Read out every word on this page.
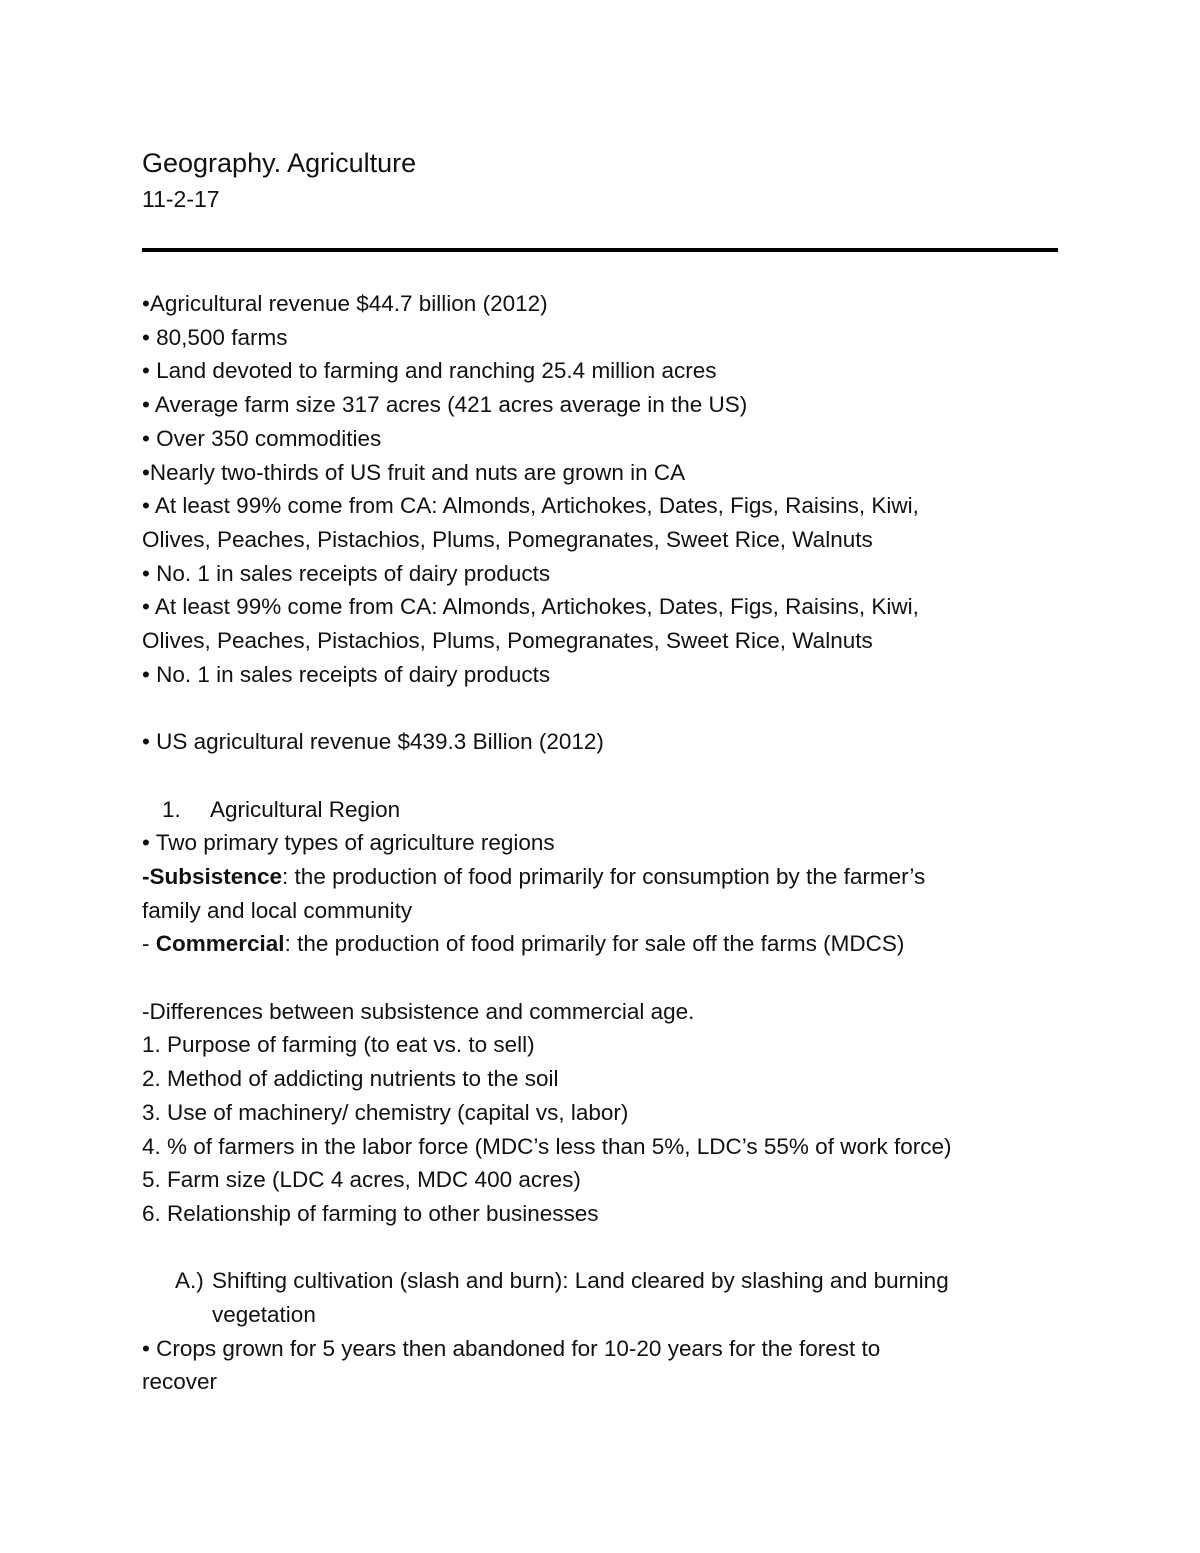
Geography. Agriculture
11-2-17

•Agricultural revenue $44.7 billion (2012)

• 80,500 farms

• Land devoted to farming and ranching 25.4 million acres

• Average farm size 317 acres (421 acres average in the US)

• Over 350 commodities

•Nearly two-thirds of US fruit and nuts are grown in CA

• At least 99% come from CA: Almonds, Artichokes, Dates, Figs, Raisins, Kiwi,

Olives, Peaches, Pistachios, Plums, Pomegranates, Sweet Rice, Walnuts

• No. 1 in sales receipts of dairy products

• At least 99% come from CA: Almonds, Artichokes, Dates, Figs, Raisins, Kiwi,

Olives, Peaches, Pistachios, Plums, Pomegranates, Sweet Rice, Walnuts

• No. 1 in sales receipts of dairy products

• US agricultural revenue $439.3 Billion (2012)

1. Agricultural Region

• Two primary types of agriculture regions

-Subsistence: the production of food primarily for consumption by the farmer’s

family and local community

- Commercial: the production of food primarily for sale off the farms (MDCS)

-Differences between subsistence and commercial age.

1. Purpose of farming (to eat vs. to sell)

2. Method of addicting nutrients to the soil

3. Use of machinery/ chemistry (capital vs, labor)

4. % of farmers in the labor force (MDC’s less than 5%, LDC’s 55% of work force)

5. Farm size (LDC 4 acres, MDC 400 acres)

6. Relationship of farming to other businesses

A.) Shifting cultivation (slash and burn): Land cleared by slashing and burning
vegetation

• Crops grown for 5 years then abandoned for 10-20 years for the forest to

recover
